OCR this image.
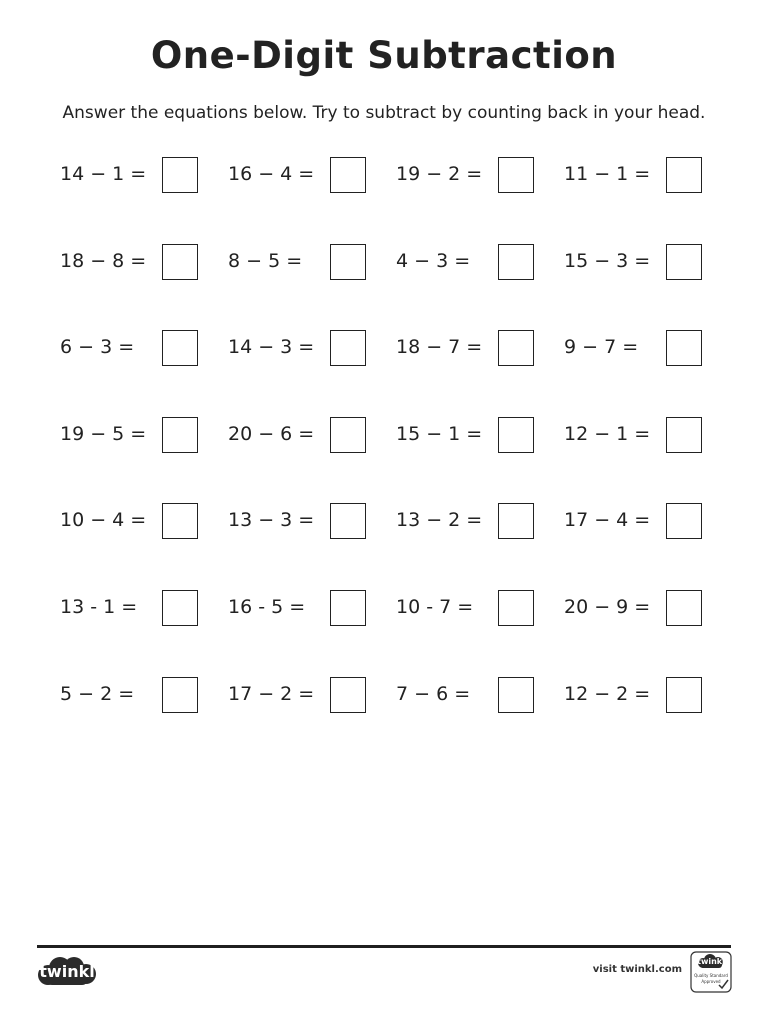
One-Digit Subtraction
Answer the equations below. Try to subtract by counting back in your head.
14 − 1 =	16 − 4 =	19 − 2 =	11 − 1 =
18 − 8 =	8 − 5 =	4 − 3 =	15 − 3 =
6 − 3 =	14 − 3 =	18 − 7 =	9 − 7 =
19 − 5 =	20 − 6 =	15 − 1 =	12 − 1 =
10 − 4 =	13 − 3 =	13 − 2 =	17 − 4 =
13 - 1 =	16 - 5 =	10 - 7 =	20 − 9 =
5 − 2 =	17 − 2 =	7 − 6 =	12 − 2 =
twinkl	visit twinkl.com
twinkl
Quality Standard
Approved
